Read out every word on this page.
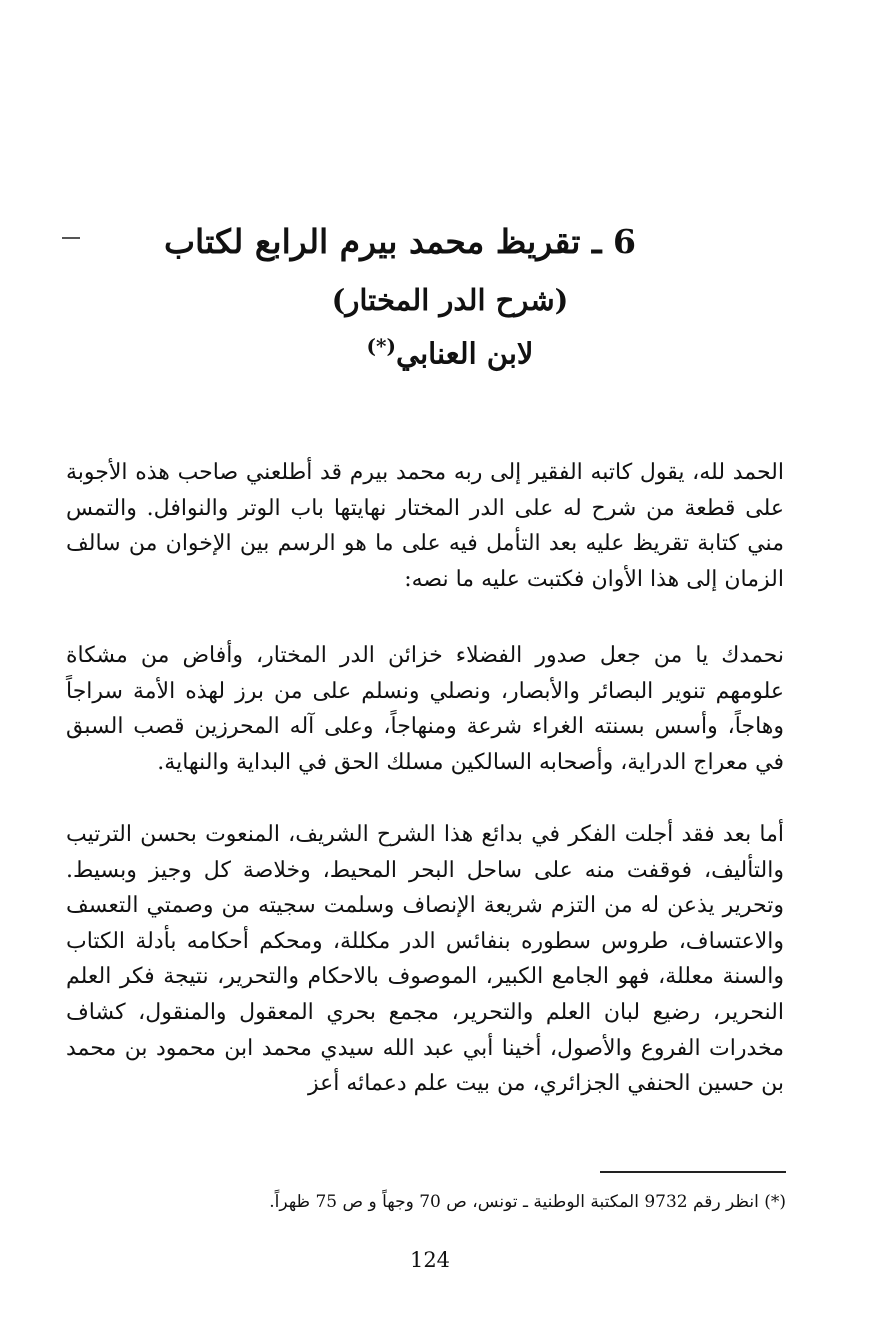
6 ـ تقريظ محمد بيرم الرابع لكتاب
(شرح الدر المختار)
لابن العنابي(*)

الحمد لله، يقول كاتبه الفقير إلى ربه محمد بيرم قد أطلعني صاحب هذه الأجوبة على قطعة من شرح له على الدر المختار نهايتها باب الوتر والنوافل. والتمس مني كتابة تقريظ عليه بعد التأمل فيه على ما هو الرسم بين الإخوان من سالف الزمان إلى هذا الأوان فكتبت عليه ما نصه:

نحمدك يا من جعل صدور الفضلاء خزائن الدر المختار، وأفاض من مشكاة علومهم تنوير البصائر والأبصار، ونصلي ونسلم على من برز لهذه الأمة سراجاً وهاجاً، وأسس بسنته الغراء شرعة ومنهاجاً، وعلى آله المحرزين قصب السبق في معراج الدراية، وأصحابه السالكين مسلك الحق في البداية والنهاية.

أما بعد فقد أجلت الفكر في بدائع هذا الشرح الشريف، المنعوت بحسن الترتيب والتأليف، فوقفت منه على ساحل البحر المحيط، وخلاصة كل وجيز وبسيط. وتحرير يذعن له من التزم شريعة الإنصاف وسلمت سجيته من وصمتي التعسف والاعتساف، طروس سطوره بنفائس الدر مكللة، ومحكم أحكامه بأدلة الكتاب والسنة معللة، فهو الجامع الكبير، الموصوف بالاحكام والتحرير، نتيجة فكر العلم النحرير، رضيع لبان العلم والتحرير، مجمع بحري المعقول والمنقول، كشاف مخدرات الفروع والأصول، أخينا أبي عبد الله سيدي محمد ابن محمود بن محمد بن حسين الحنفي الجزائري، من بيت علم دعمائه أعز

(*) انظر رقم 9732 المكتبة الوطنية ـ تونس، ص 70 وجهاً و ص 75 ظهراً.
124
